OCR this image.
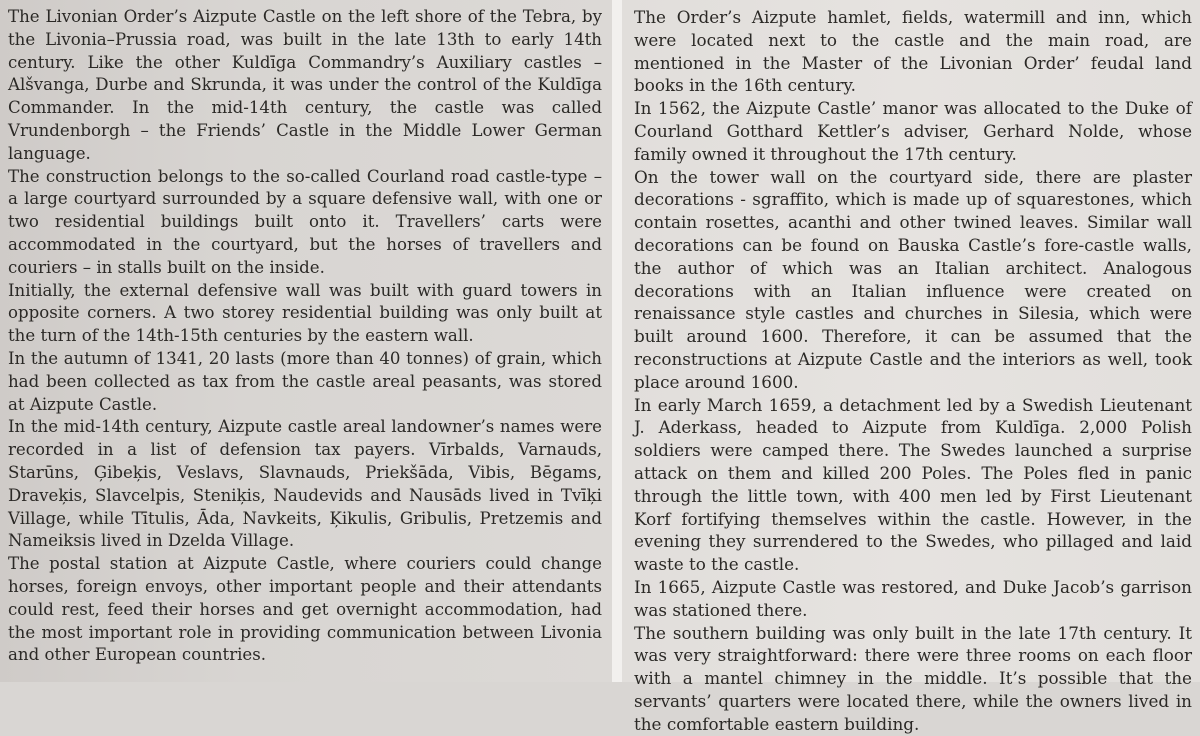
The Livonian Order’s Aizpute Castle on the left shore of the Tebra, by the Livonia–Prussia road, was built in the late 13th to early 14th century. Like the other Kuldīga Commandry’s Auxiliary castles – Alšvanga, Durbe and Skrunda, it was under the control of the Kuldīga Commander. In the mid-14th century, the castle was called Vrundenborgh – the Friends’ Castle in the Middle Lower German language.

The construction belongs to the so-called Courland road castle-type – a large courtyard surrounded by a square defensive wall, with one or two residential buildings built onto it. Travellers’ carts were accommodated in the courtyard, but the horses of travellers and couriers – in stalls built on the inside.

Initially, the external defensive wall was built with guard towers in opposite corners. A two storey residential building was only built at the turn of the 14th-15th centuries by the eastern wall.

In the autumn of 1341, 20 lasts (more than 40 tonnes) of grain, which had been collected as tax from the castle areal peasants, was stored at Aizpute Castle.

In the mid-14th century, Aizpute castle areal landowner’s names were recorded in a list of defension tax payers. Vīrbalds, Varnauds, Starūns, Ģibeķis, Veslavs, Slavnauds, Priekšāda, Vibis, Bēgams, Draveķis, Slavcelpis, Steniķis, Naudevids and Nausāds lived in Tvīķi Village, while Tītulis, Āda, Navkeits, Ķikulis, Gribulis, Pretzemis and Nameiksis lived in Dzelda Village.

The postal station at Aizpute Castle, where couriers could change horses, foreign envoys, other important people and their attendants could rest, feed their horses and get overnight accommodation, had the most important role in providing communication between Livonia and other European countries.

The Order’s Aizpute hamlet, fields, watermill and inn, which were located next to the castle and the main road, are mentioned in the Master of the Livonian Order’ feudal land books in the 16th century.

In 1562, the Aizpute Castle’ manor was allocated to the Duke of Courland Gotthard Kettler’s adviser, Gerhard Nolde, whose family owned it throughout the 17th century.

On the tower wall on the courtyard side, there are plaster decorations - sgraffito, which is made up of squarestones, which contain rosettes, acanthi and other twined leaves. Similar wall decorations can be found on Bauska Castle’s fore-castle walls, the author of which was an Italian architect. Analogous decorations with an Italian influence were created on renaissance style castles and churches in Silesia, which were built around 1600. Therefore, it can be assumed that the reconstructions at Aizpute Castle and the interiors as well, took place around 1600.

In early March 1659, a detachment led by a Swedish Lieutenant J. Aderkass, headed to Aizpute from Kuldīga. 2,000 Polish soldiers were camped there. The Swedes launched a surprise attack on them and killed 200 Poles. The Poles fled in panic through the little town, with 400 men led by First Lieutenant Korf fortifying themselves within the castle. However, in the evening they surrendered to the Swedes, who pillaged and laid waste to the castle.

In 1665, Aizpute Castle was restored, and Duke Jacob’s garrison was stationed there.

The southern building was only built in the late 17th century. It was very straightforward: there were three rooms on each floor with a mantel chimney in the middle. It’s possible that the servants’ quarters were located there, while the owners lived in the comfortable eastern building.
